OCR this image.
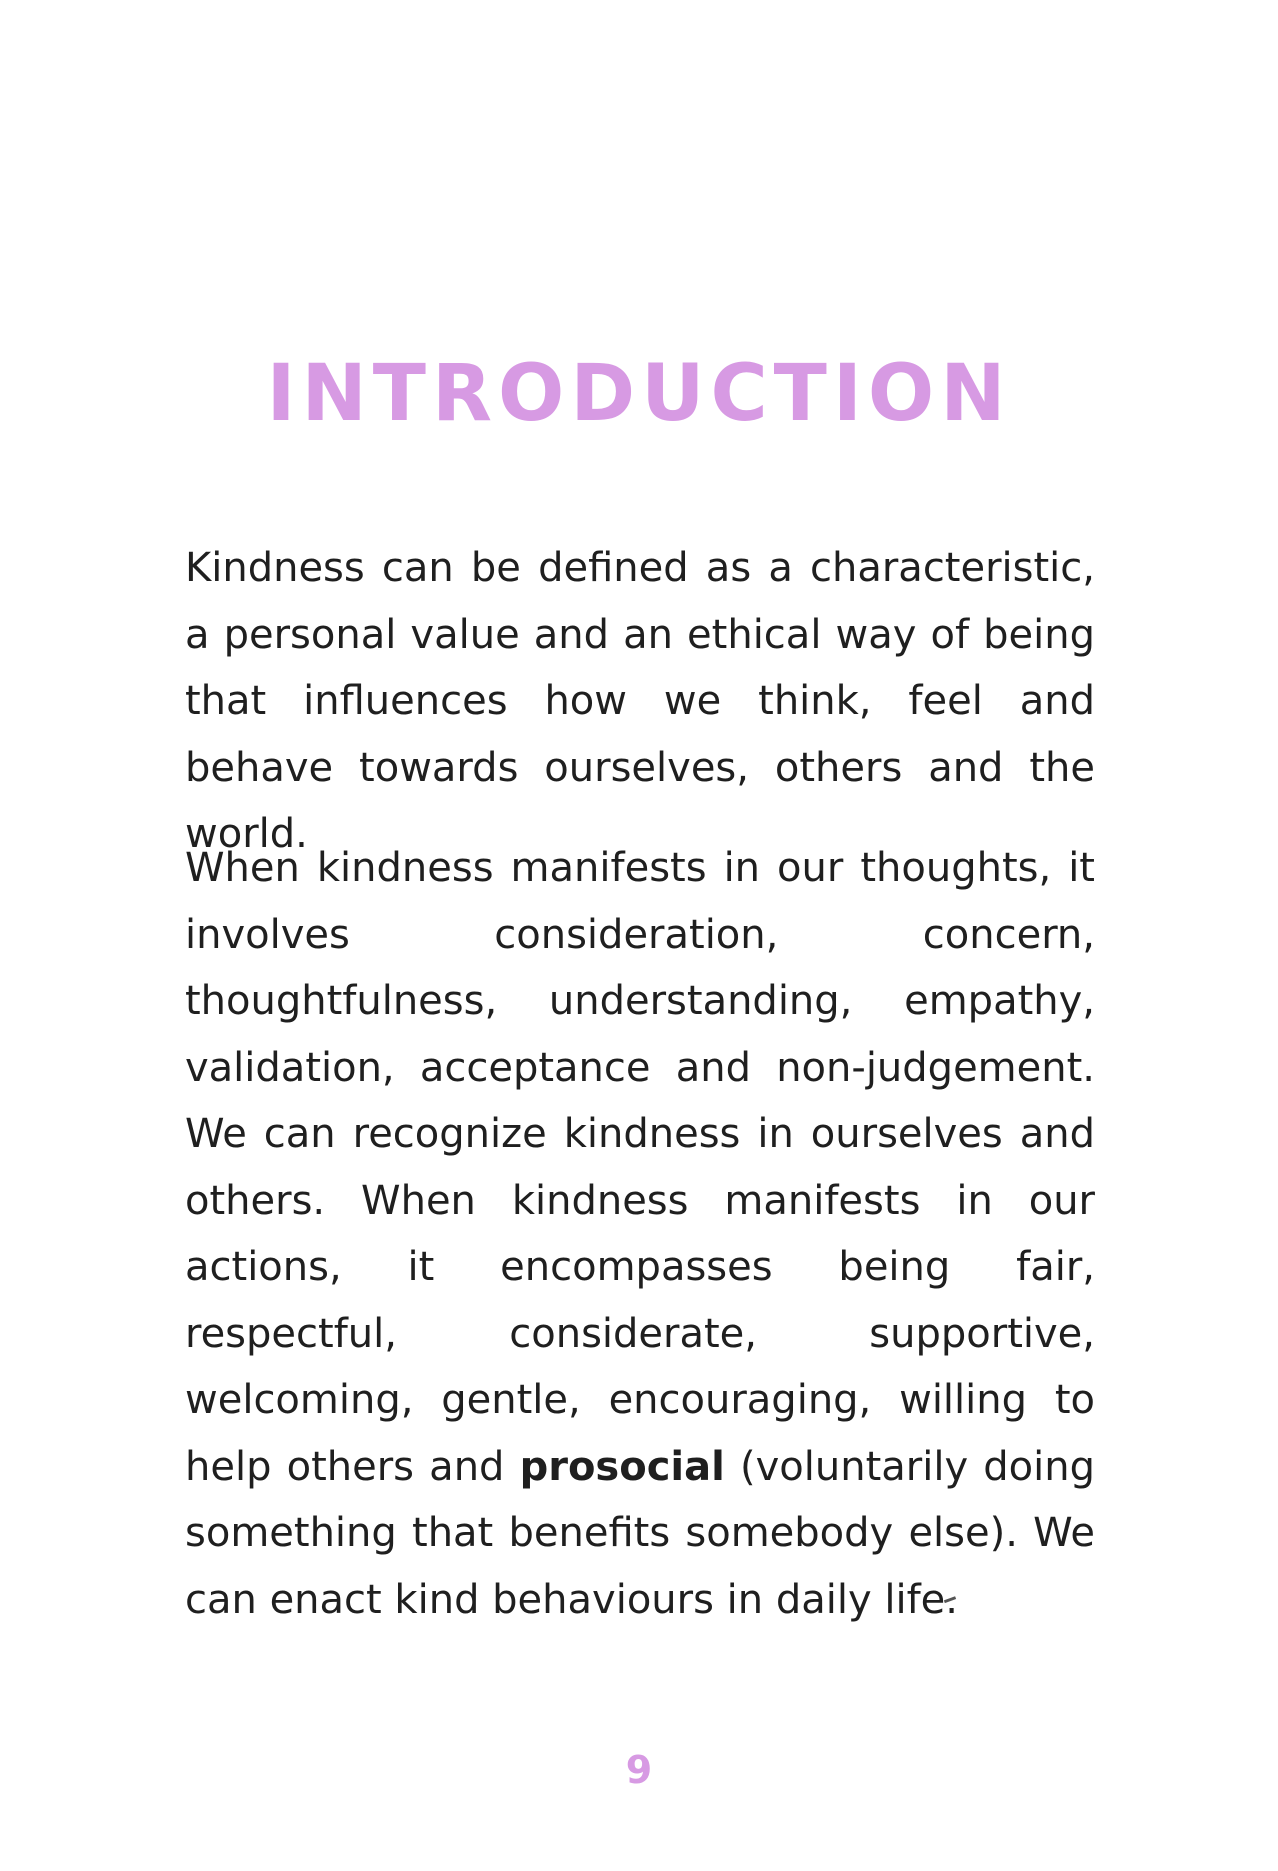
INTRODUCTION

Kindness can be defined as a characteristic, a personal value and an ethical way of being that influences how we think, feel and behave towards ourselves, others and the world.

When kindness manifests in our thoughts, it involves consideration, concern, thoughtfulness, understanding, empathy, validation, acceptance and non-judgement. We can recognize kindness in ourselves and others. When kindness manifests in our actions, it encompasses being fair, respectful, considerate, supportive, welcoming, gentle, encouraging, willing to help others and prosocial (voluntarily doing something that benefits somebody else). We can enact kind behaviours in daily life.

9
